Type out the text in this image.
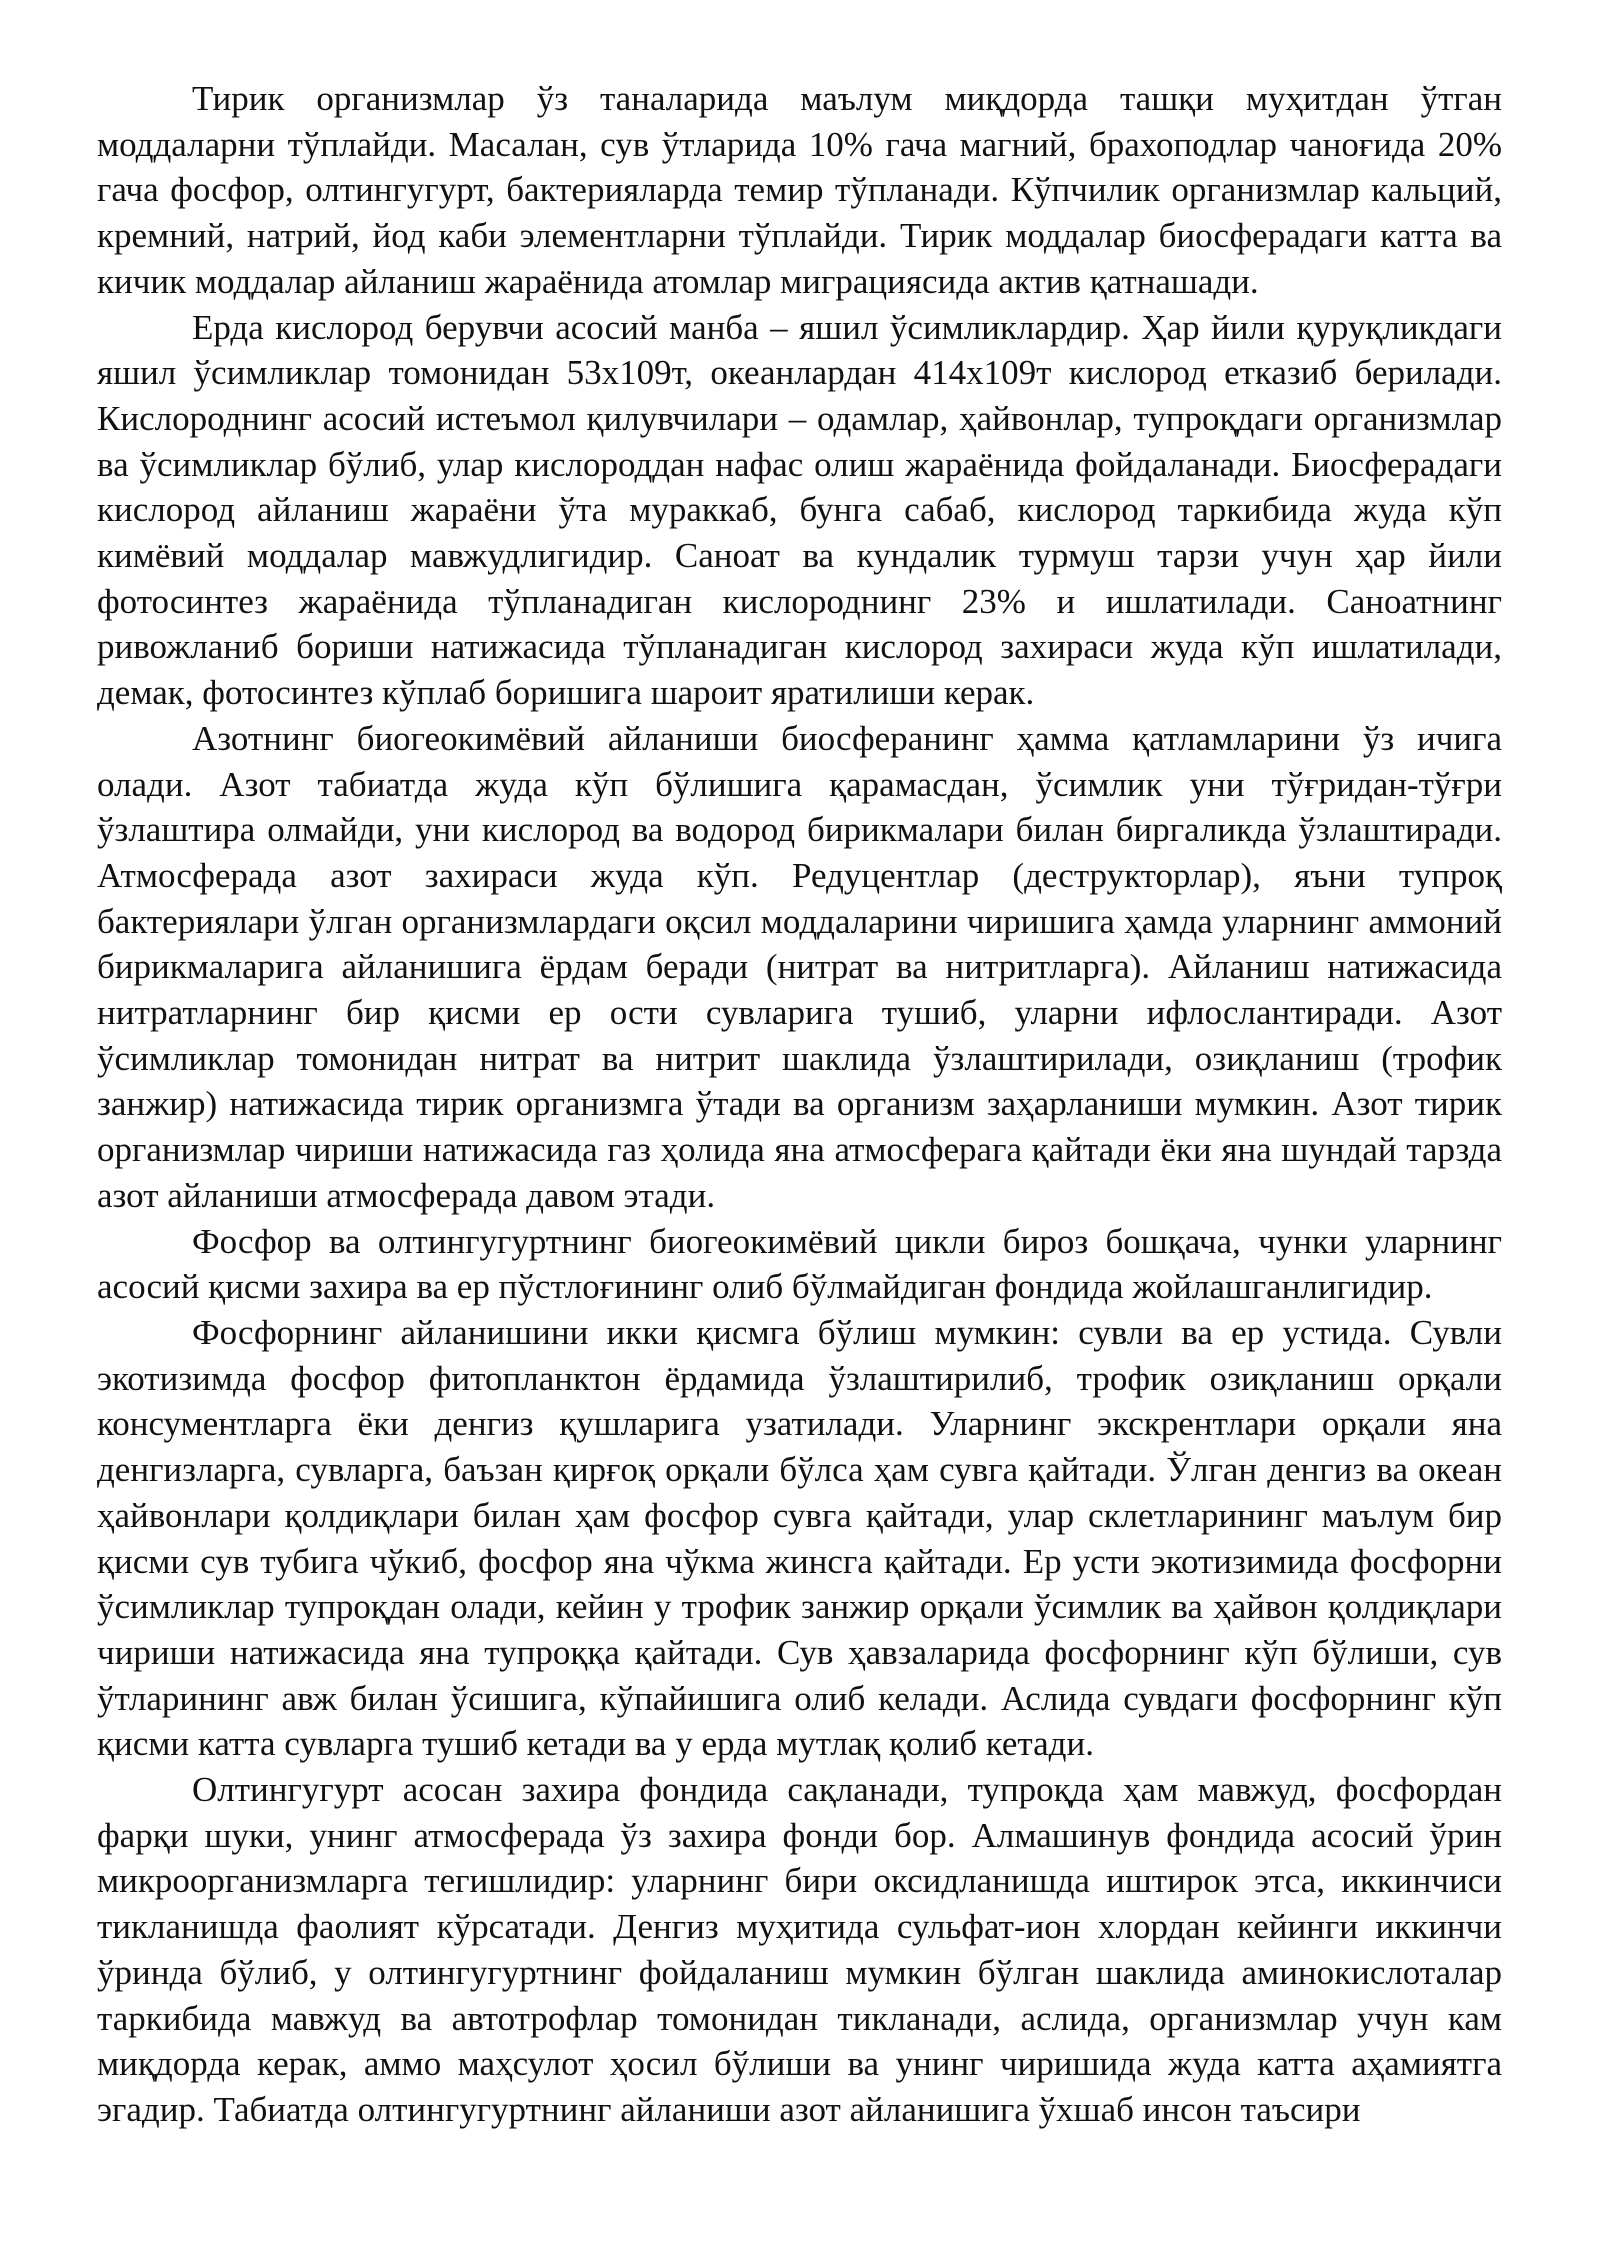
Тирик организмлар ўз таналарида маълум миқдорда ташқи муҳитдан ўтган моддаларни тўплайди. Масалан, сув ўтларида 10% гача магний, брахоподлар чаноғида 20% гача фосфор, олтингугурт, бактерияларда темир тўпланади. Кўпчилик организмлар кальций, кремний, натрий, йод каби элементларни тўплайди. Тирик моддалар биосферадаги катта ва кичик моддалар айланиш жараёнида атомлар миграциясида актив қатнашади.

Ерда кислород берувчи асосий манба – яшил ўсимликлардир. Ҳар йили қуруқликдаги яшил ўсимликлар томонидан 53х109т, океанлардан 414х109т кислород етказиб берилади. Кислороднинг асосий истеъмол қилувчилари – одамлар, ҳайвонлар, тупроқдаги организмлар ва ўсимликлар бўлиб, улар кислороддан нафас олиш жараёнида фойдаланади. Биосферадаги кислород айланиш жараёни ўта мураккаб, бунга сабаб, кислород таркибида жуда кўп кимёвий моддалар мавжудлигидир. Саноат ва кундалик турмуш тарзи учун ҳар йили фотосинтез жараёнида тўпланадиган кислороднинг 23% и ишлатилади. Саноатнинг ривожланиб бориши натижасида тўпланадиган кислород захираси жуда кўп ишлатилади, демак, фотосинтез кўплаб боришига шароит яратилиши керак.

Азотнинг биогеокимёвий айланиши биосферанинг ҳамма қатламларини ўз ичига олади. Азот табиатда жуда кўп бўлишига қарамасдан, ўсимлик уни тўғридан-тўғри ўзлаштира олмайди, уни кислород ва водород бирикмалари билан биргаликда ўзлаштиради. Атмосферада азот захираси жуда кўп. Редуцентлар (деструкторлар), яъни тупроқ бактериялари ўлган организмлардаги оқсил моддаларини чиришига ҳамда уларнинг аммоний бирикмаларига айланишига ёрдам беради (нитрат ва нитритларга). Айланиш натижасида нитратларнинг бир қисми ер ости сувларига тушиб, уларни ифлослантиради. Азот ўсимликлар томонидан нитрат ва нитрит шаклида ўзлаштирилади, озиқланиш (трофик занжир) натижасида тирик организмга ўтади ва организм заҳарланиши мумкин. Азот тирик организмлар чириши натижасида газ ҳолида яна атмосферага қайтади ёки яна шундай тарзда азот айланиши атмосферада давом этади.

Фосфор ва олтингугуртнинг биогеокимёвий цикли бироз бошқача, чунки уларнинг асосий қисми захира ва ер пўстлоғининг олиб бўлмайдиган фондида жойлашганлигидир.

Фосфорнинг айланишини икки қисмга бўлиш мумкин: сувли ва ер устида. Сувли экотизимда фосфор фитопланктон ёрдамида ўзлаштирилиб, трофик озиқланиш орқали консументларга ёки денгиз қушларига узатилади. Уларнинг экскрентлари орқали яна денгизларга, сувларга, баъзан қирғоқ орқали бўлса ҳам сувга қайтади. Ўлган денгиз ва океан ҳайвонлари қолдиқлари билан ҳам фосфор сувга қайтади, улар склетларининг маълум бир қисми сув тубига чўкиб, фосфор яна чўкма жинсга қайтади. Ер усти экотизимида фосфорни ўсимликлар тупроқдан олади, кейин у трофик занжир орқали ўсимлик ва ҳайвон қолдиқлари чириши натижасида яна тупроққа қайтади. Сув ҳавзаларида фосфорнинг кўп бўлиши, сув ўтларининг авж билан ўсишига, кўпайишига олиб келади. Аслида сувдаги фосфорнинг кўп қисми катта сувларга тушиб кетади ва у ерда мутлақ қолиб кетади.

Олтингугурт асосан захира фондида сақланади, тупроқда ҳам мавжуд, фосфордан фарқи шуки, унинг атмосферада ўз захира фонди бор. Алмашинув фондида асосий ўрин микроорганизмларга тегишлидир: уларнинг бири оксидланишда иштирок этса, иккинчиси тикланишда фаолият кўрсатади. Денгиз муҳитида сульфат-ион хлордан кейинги иккинчи ўринда бўлиб, у олтингугуртнинг фойдаланиш мумкин бўлган шаклида аминокислоталар таркибида мавжуд ва автотрофлар томонидан тикланади, аслида, организмлар учун кам миқдорда керак, аммо маҳсулот ҳосил бўлиши ва унинг чиришида жуда катта аҳамиятга эгадир. Табиатда олтингугуртнинг айланиши азот айланишига ўхшаб инсон таъсири
